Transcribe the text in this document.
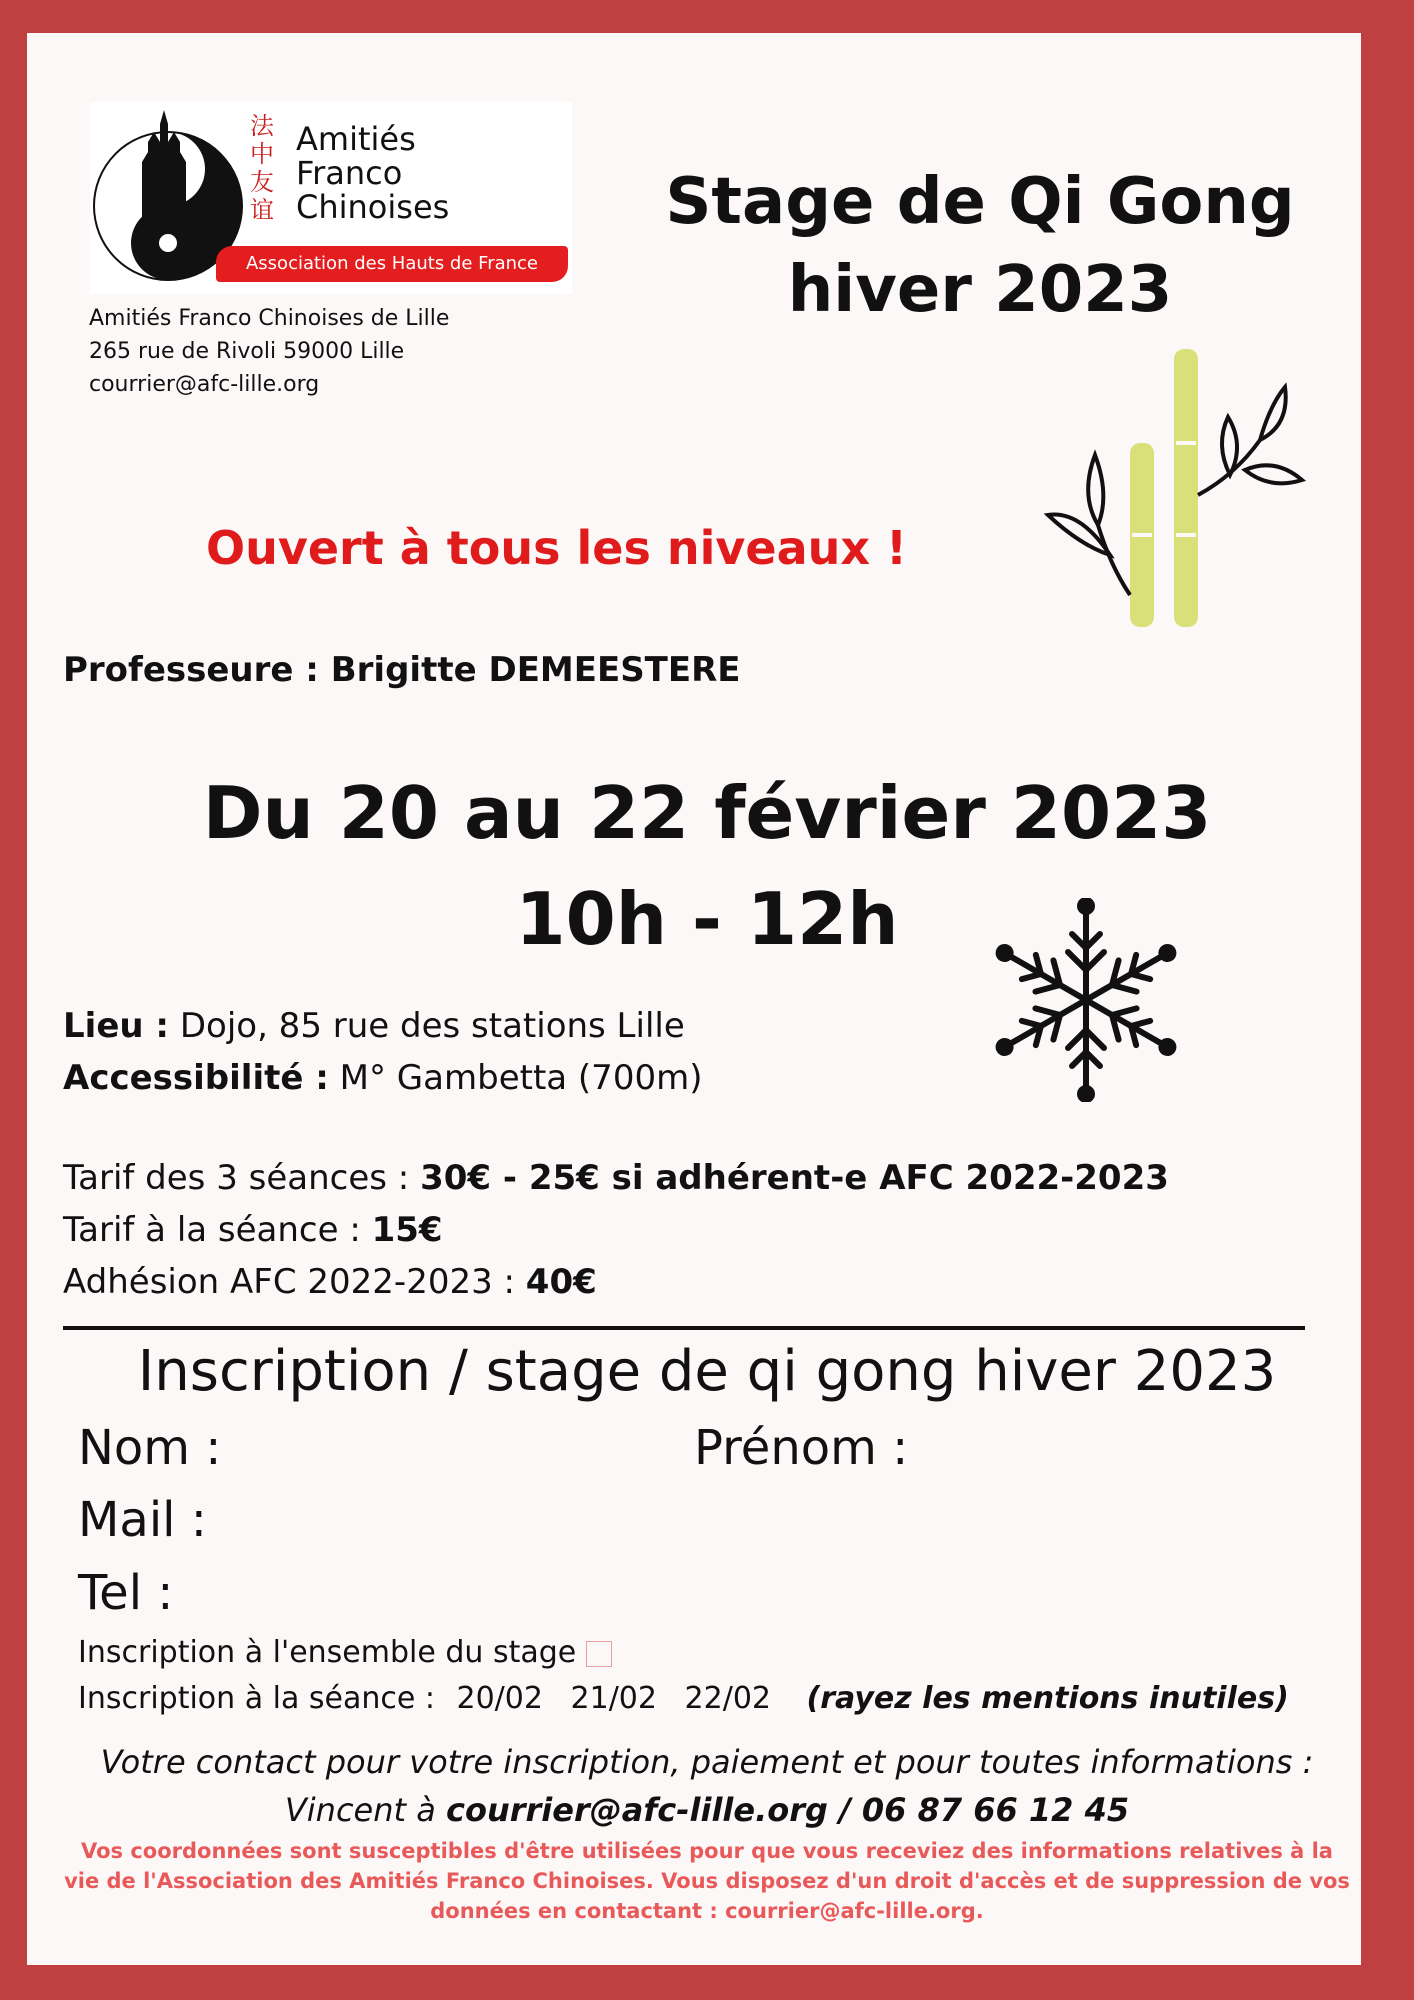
法中友谊
Amitiés
Franco
Chinoises
Association des Hauts de France
Amitiés Franco Chinoises de Lille
265 rue de Rivoli 59000 Lille
courrier@afc-lille.org
Stage de Qi Gong
hiver 2023
Ouvert à tous les niveaux !
Professeure : Brigitte DEMEESTERE
Du 20 au 22 février 2023
10h - 12h
Lieu : Dojo, 85 rue des stations Lille
Accessibilité : M° Gambetta (700m)
Tarif des 3 séances : 30€ - 25€ si adhérent-e AFC 2022-2023
Tarif à la séance : 15€
Adhésion AFC 2022-2023 : 40€
Inscription / stage de qi gong hiver 2023
Nom :	Prénom :
Mail :
Tel :
Inscription à l'ensemble du stage
Inscription à la séance : 20/02 21/02 22/02 (rayez les mentions inutiles)
Votre contact pour votre inscription, paiement et pour toutes informations :
Vincent à courrier@afc-lille.org / 06 87 66 12 45
Vos coordonnées sont susceptibles d'être utilisées pour que vous receviez des informations relatives à la vie de l'Association des Amitiés Franco Chinoises. Vous disposez d'un droit d'accès et de suppression de vos données en contactant : courrier@afc-lille.org.
